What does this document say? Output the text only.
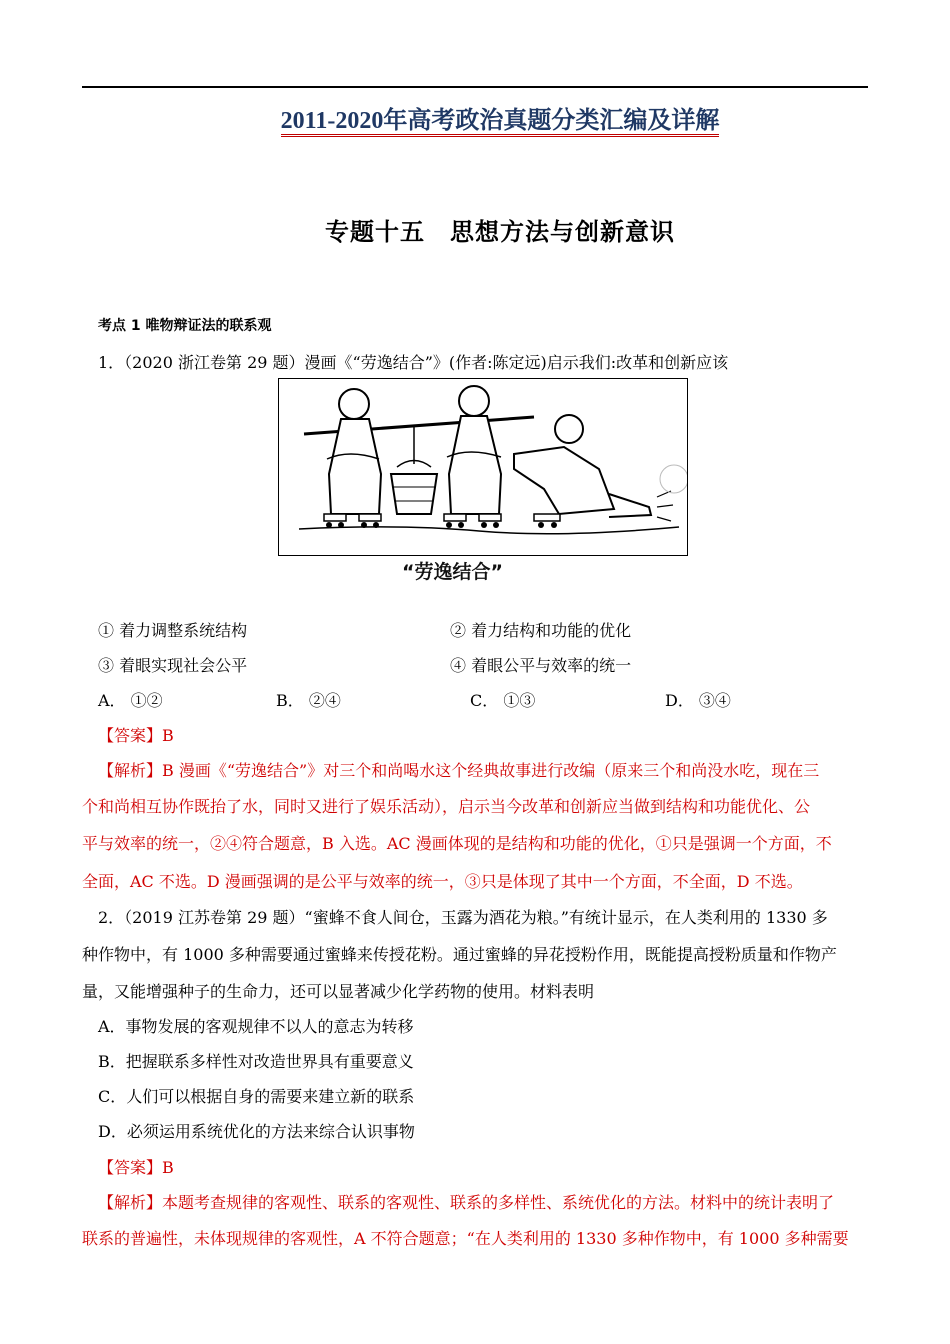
2011-2020年高考政治真题分类汇编及详解
专题十五　思想方法与创新意识
考点 1 唯物辩证法的联系观
1．（2020 浙江卷第 29 题）漫画《“劳逸结合”》(作者:陈定远)启示我们:改革和创新应该
“劳逸结合”
① 着力调整系统结构	② 着力结构和功能的优化
③ 着眼实现社会公平	④ 着眼公平与效率的统一
A． ①②	B． ②④	C． ①③	D． ③④
【答案】B
【解析】B 漫画《“劳逸结合”》对三个和尚喝水这个经典故事进行改编（原来三个和尚没水吃，现在三
个和尚相互协作既抬了水，同时又进行了娱乐活动），启示当今改革和创新应当做到结构和功能优化、公
平与效率的统一，②④符合题意，B 入选。AC 漫画体现的是结构和功能的优化，①只是强调一个方面，不
全面，AC 不选。D 漫画强调的是公平与效率的统一，③只是体现了其中一个方面，不全面，D 不选。
2．（2019 江苏卷第 29 题）“蜜蜂不食人间仓，玉露为酒花为粮。”有统计显示，在人类利用的 1330 多
种作物中，有 1000 多种需要通过蜜蜂来传授花粉。通过蜜蜂的异花授粉作用，既能提高授粉质量和作物产
量，又能增强种子的生命力，还可以显著减少化学药物的使用。材料表明
A．事物发展的客观规律不以人的意志为转移
B．把握联系多样性对改造世界具有重要意义
C．人们可以根据自身的需要来建立新的联系
D．必须运用系统优化的方法来综合认识事物
【答案】B
【解析】本题考查规律的客观性、联系的客观性、联系的多样性、系统优化的方法。材料中的统计表明了
联系的普遍性，未体现规律的客观性，A 不符合题意；“在人类利用的 1330 多种作物中，有 1000 多种需要
